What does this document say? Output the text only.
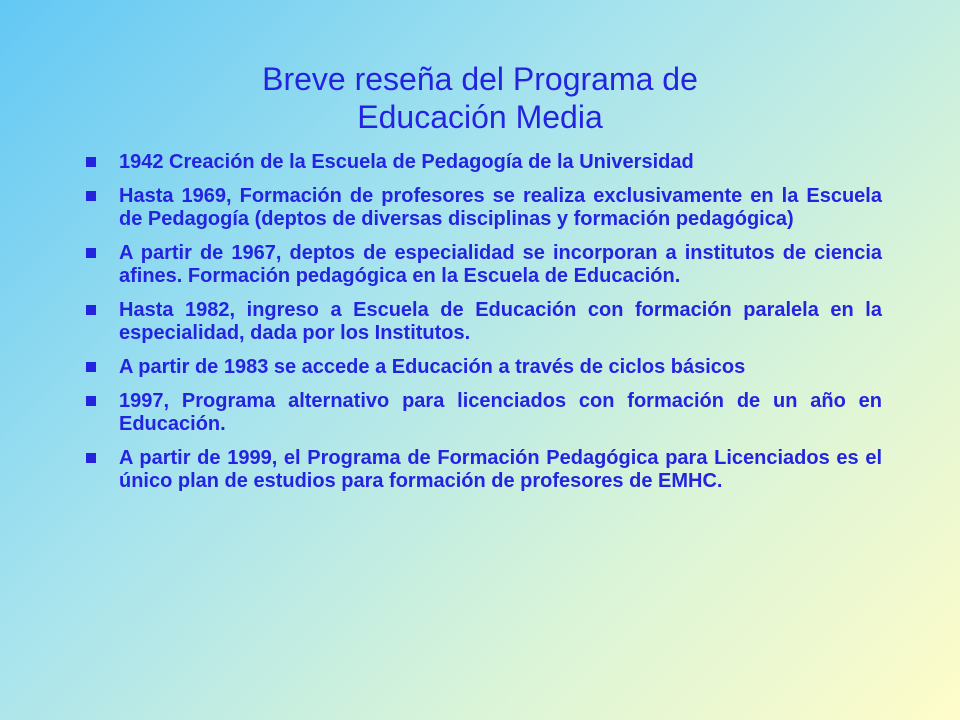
Breve reseña del Programa de
Educación Media
1942 Creación de la Escuela de Pedagogía de la Universidad
Hasta 1969, Formación de profesores se realiza exclusivamente en la Escuela de Pedagogía (deptos de diversas disciplinas y formación pedagógica)
A partir de 1967, deptos de especialidad se incorporan a institutos de ciencia afines. Formación pedagógica en la Escuela de Educación.
Hasta 1982, ingreso a Escuela de Educación con formación paralela en la especialidad, dada por los Institutos.
A partir de 1983 se accede a Educación a través de ciclos básicos
1997, Programa alternativo para licenciados con formación de un año en Educación.
A partir de 1999, el Programa de Formación Pedagógica para Licenciados es el único plan de estudios para formación de profesores de EMHC.
